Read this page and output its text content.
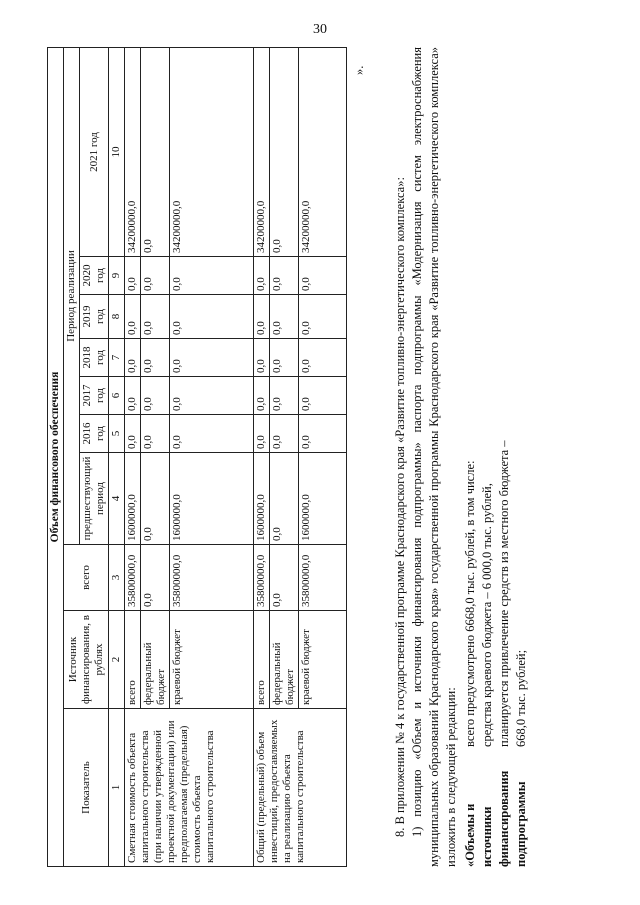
30
Объем финансового обеспечения									
Показатель	Источник финансирования, в рублях	всего	Период реализации						
			предшествующий период	2016 год	2017 год	2018 год	2019 год	2020 год	2021 год
1	2	3	4	5	6	7	8	9	10
Сметная стоимость объекта капитального строительства (при наличии утвержденной проектной документации) или предполагаемая (предельная) стоимость объекта капитального строительства	всего	35800000,0	1600000,0	0,0	0,0	0,0	0,0	0,0	34200000,0
	федеральный бюджет	0,0	0,0	0,0	0,0	0,0	0,0	0,0	0,0
	краевой бюджет	35800000,0	1600000,0	0,0	0,0	0,0	0,0	0,0	34200000,0
Общий (предельный) объем инвестиций, предоставляемых на реализацию объекта капитального строительства	всего	35800000,0	1600000,0	0,0	0,0	0,0	0,0	0,0	34200000,0
	федеральный бюджет	0,0	0,0	0,0	0,0	0,0	0,0	0,0	0,0
	краевой бюджет	35800000,0	1600000,0	0,0	0,0	0,0	0,0	0,0	34200000,0
».

8. В приложении № 4 к государственной программе Краснодарского края «Развитие топливно-энергетического комплекса»: 1) позицию «Объем и источники финансирования подпрограммы» паспорта подпрограммы «Модернизация систем электроснабжения муниципальных образований Краснодарского края» государственной программы Краснодарского края «Развитие топливно-энергетического комплекса» изложить в следующей редакции: «Объемы и источники финансирования подпрограммы
всего предусмотрено 6668,0 тыс. рублей, в том числе: средства краевого бюджета – 6 000,0 тыс. рублей, планируется привлечение средств из местного бюджета – 668,0 тыс. рублей;
